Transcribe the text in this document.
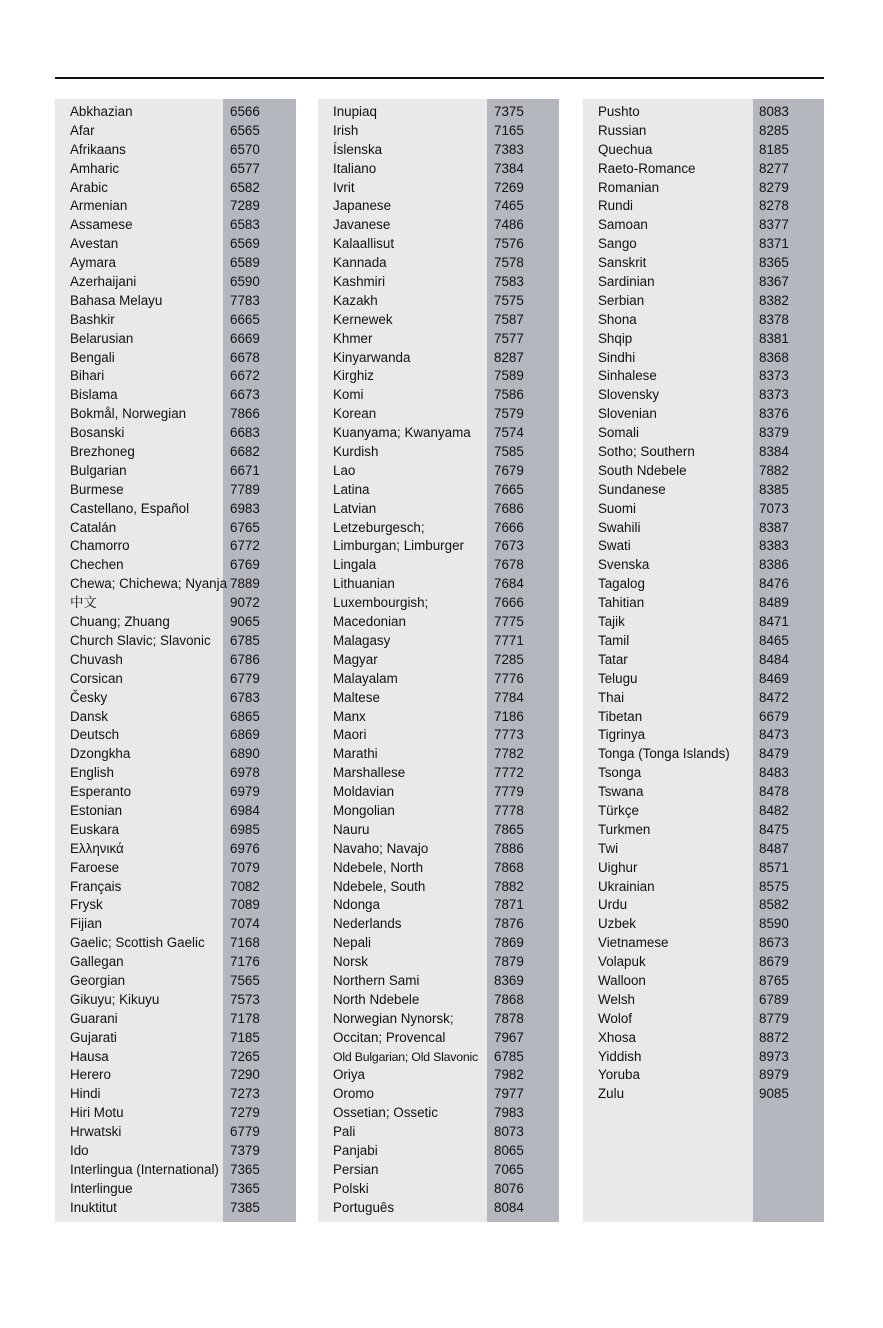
Abkhazian	6566
Afar	6565
Afrikaans	6570
Amharic	6577
Arabic	6582
Armenian	7289
Assamese	6583
Avestan	6569
Aymara	6589
Azerhaijani	6590
Bahasa Melayu	7783
Bashkir	6665
Belarusian	6669
Bengali	6678
Bihari	6672
Bislama	6673
Bokmål, Norwegian	7866
Bosanski	6683
Brezhoneg	6682
Bulgarian	6671
Burmese	7789
Castellano, Español	6983
Catalán	6765
Chamorro	6772
Chechen	6769
Chewa; Chichewa; Nyanja 7889
中文	9072
Chuang; Zhuang	9065
Church Slavic; Slavonic 6785
Chuvash	6786
Corsican	6779
Česky	6783
Dansk	6865
Deutsch	6869
Dzongkha	6890
English	6978
Esperanto	6979
Estonian	6984
Euskara	6985
Ελληνικά	6976
Faroese	7079
Français	7082
Frysk	7089
Fijian	7074
Gaelic; Scottish Gaelic 7168
Gallegan	7176
Georgian	7565
Gikuyu; Kikuyu	7573
Guarani	7178
Gujarati	7185
Hausa	7265
Herero	7290
Hindi	7273
Hiri Motu	7279
Hrwatski	6779
Ido	7379
Interlingua (International) 7365
Interlingue	7365
Inuktitut	7385
Inupiaq	7375
Irish	7165
Íslenska	7383
Italiano	7384
Ivrit	7269
Japanese	7465
Javanese	7486
Kalaallisut	7576
Kannada	7578
Kashmiri	7583
Kazakh	7575
Kernewek	7587
Khmer	7577
Kinyarwanda	8287
Kirghiz	7589
Komi	7586
Korean	7579
Kuanyama; Kwanyama 7574
Kurdish	7585
Lao	7679
Latina	7665
Latvian	7686
Letzeburgesch;	7666
Limburgan; Limburger 7673
Lingala	7678
Lithuanian	7684
Luxembourgish;	7666
Macedonian	7775
Malagasy	7771
Magyar	7285
Malayalam	7776
Maltese	7784
Manx	7186
Maori	7773
Marathi	7782
Marshallese	7772
Moldavian	7779
Mongolian	7778
Nauru	7865
Navaho; Navajo	7886
Ndebele, North	7868
Ndebele, South	7882
Ndonga	7871
Nederlands	7876
Nepali	7869
Norsk	7879
Northern Sami	8369
North Ndebele	7868
Norwegian Nynorsk;	7878
Occitan; Provencal	7967
Old Bulgarian; Old Slavonic 6785
Oriya	7982
Oromo	7977
Ossetian; Ossetic	7983
Pali	8073
Panjabi	8065
Persian	7065
Polski	8076
Português	8084
Pushto	8083
Russian	8285
Quechua	8185
Raeto-Romance	8277
Romanian	8279
Rundi	8278
Samoan	8377
Sango	8371
Sanskrit	8365
Sardinian	8367
Serbian	8382
Shona	8378
Shqip	8381
Sindhi	8368
Sinhalese	8373
Slovensky	8373
Slovenian	8376
Somali	8379
Sotho; Southern	8384
South Ndebele	7882
Sundanese	8385
Suomi	7073
Swahili	8387
Swati	8383
Svenska	8386
Tagalog	8476
Tahitian	8489
Tajik	8471
Tamil	8465
Tatar	8484
Telugu	8469
Thai	8472
Tibetan	6679
Tigrinya	8473
Tonga (Tonga Islands) 8479
Tsonga	8483
Tswana	8478
Türkçe	8482
Turkmen	8475
Twi	8487
Uighur	8571
Ukrainian	8575
Urdu	8582
Uzbek	8590
Vietnamese	8673
Volapuk	8679
Walloon	8765
Welsh	6789
Wolof	8779
Xhosa	8872
Yiddish	8973
Yoruba	8979
Zulu	9085
